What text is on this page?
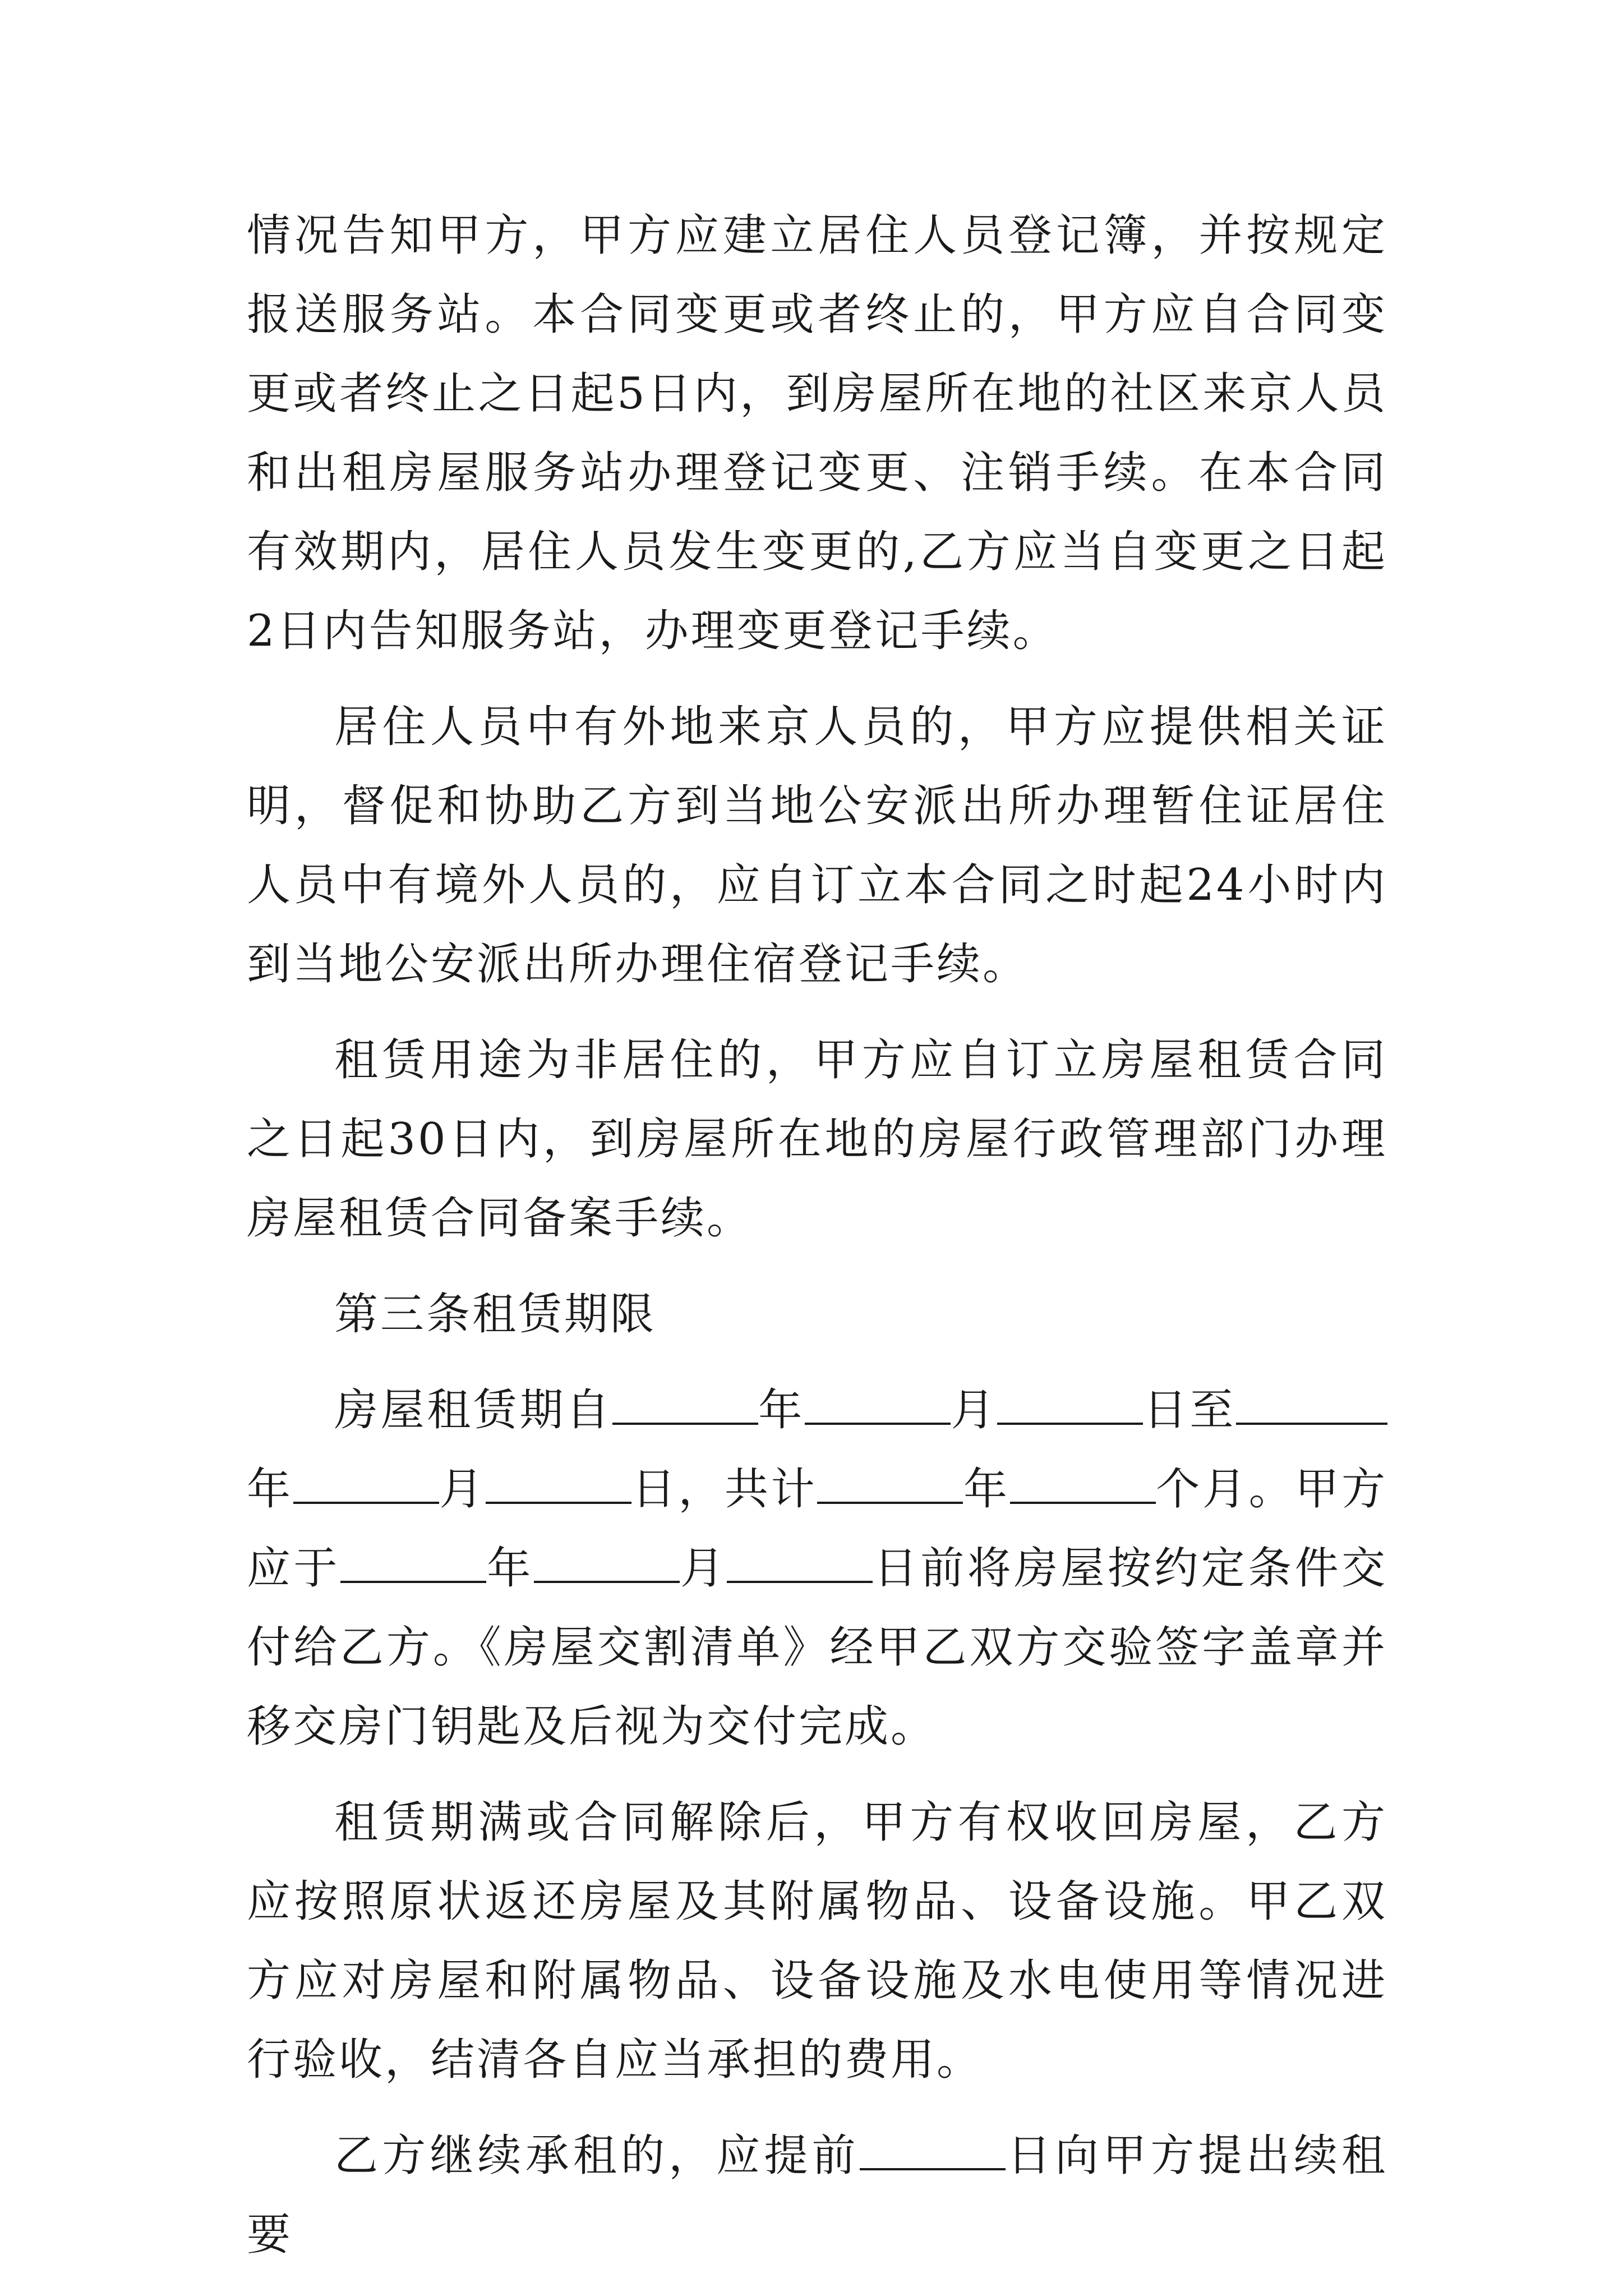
情况告知甲方，甲方应建立居住人员登记簿，并按规定报送服务站。本合同变更或者终止的，甲方应自合同变更或者终止之日起5日内，到房屋所在地的社区来京人员和出租房屋服务站办理登记变更、注销手续。在本合同有效期内，居住人员发生变更的,乙方应当自变更之日起2日内告知服务站，办理变更登记手续。

居住人员中有外地来京人员的，甲方应提供相关证明，督促和协助乙方到当地公安派出所办理暂住证居住人员中有境外人员的，应自订立本合同之时起24小时内到当地公安派出所办理住宿登记手续。

租赁用途为非居住的，甲方应自订立房屋租赁合同之日起30日内，到房屋所在地的房屋行政管理部门办理房屋租赁合同备案手续。

第三条租赁期限

房屋租赁期自	年	月	日至年	月	日，共计	年	个月。甲方应于	年	月	日前将房屋按约定条件交付给乙方。《房屋交割清单》经甲乙双方交验签字盖章并移交房门钥匙及后视为交付完成。

租赁期满或合同解除后，甲方有权收回房屋，乙方应按照原状返还房屋及其附属物品、设备设施。甲乙双方应对房屋和附属物品、设备设施及水电使用等情况进行验收，结清各自应当承担的费用。

乙方继续承租的，应提前	日向甲方提出续租要
